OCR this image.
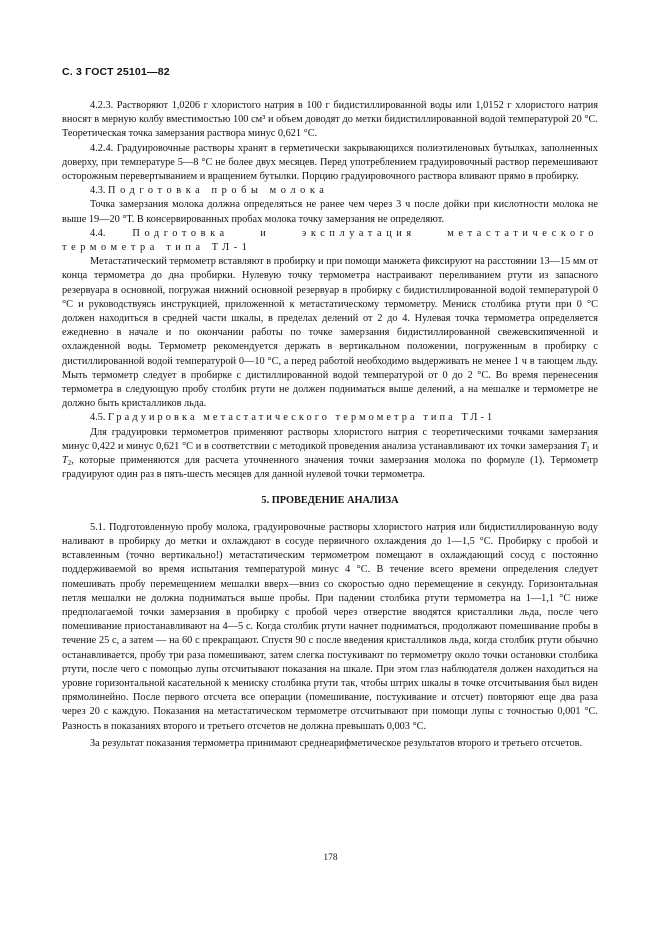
С. 3 ГОСТ 25101—82

4.2.3. Растворяют 1,0206 г хлористого натрия в 100 г бидистиллированной воды или 1,0152 г хлористого натрия вносят в мерную колбу вместимостью 100 см³ и объем доводят до метки бидистиллированной водой температурой 20 °С. Теоретическая точка замерзания раствора минус 0,621 °С.

4.2.4. Градуировочные растворы хранят в герметически закрывающихся полиэтиленовых бутылках, заполненных доверху, при температуре 5—8 °С не более двух месяцев. Перед употреблением градуировочный раствор перемешивают осторожным перевертыванием и вращением бутылки. Порцию градуировочного раствора вливают прямо в пробирку.

4.3. Подготовка пробы молока

Точка замерзания молока должна определяться не ранее чем через 3 ч после дойки при кислотности молока не выше 19—20 °Т. В консервированных пробах молока точку замерзания не определяют.

4.4.	Подготовка и эксплуатация метастатического термометра типа ТЛ-1

Метастатический термометр вставляют в пробирку и при помощи манжета фиксируют на расстоянии 13—15 мм от конца термометра до дна пробирки. Нулевую точку термометра настраивают переливанием ртути из запасного резервуара в основной, погружая нижний основной резервуар в пробирку с бидистиллированной водой температурой 0 °С и руководствуясь инструкцией, приложенной к метастатическому термометру. Мениск столбика ртути при 0 °С должен находиться в средней части шкалы, в пределах делений от 2 до 4. Нулевая точка термометра определяется ежедневно в начале и по окончании работы по точке замерзания бидистиллированной свежевскипяченной и охлажденной воды. Термометр рекомендуется держать в вертикальном положении, погруженным в пробирку с дистиллированной водой температурой 0—10 °С, а перед работой необходимо выдерживать не менее 1 ч в тающем льду. Мыть термометр следует в пробирке с дистиллированной водой температурой от 0 до 2 °С. Во время перенесения термометра в следующую пробу столбик ртути не должен подниматься выше делений, а на мешалке и термометре не должно быть кристалликов льда.

4.5. Градуировка метастатического термометра типа ТЛ-1

Для градуировки термометров применяют растворы хлористого натрия с теоретическими точками замерзания минус 0,422 и минус 0,621 °С и в соответствии с методикой проведения анализа устанавливают их точки замерзания $T_1$ и $T_2$, которые применяются для расчета уточненного значения точки замерзания молока по формуле (1). Термометр градуируют один раз в пять-шесть месяцев для данной нулевой точки термометра.

5. ПРОВЕДЕНИЕ АНАЛИЗА

5.1. Подготовленную пробу молока, градуировочные растворы хлористого натрия или бидистиллированную воду наливают в пробирку до метки и охлаждают в сосуде первичного охлаждения до 1—1,5 °С. Пробирку с пробой и вставленным (точно вертикально!) метастатическим термометром помещают в охлаждающий сосуд с постоянно поддерживаемой во время испытания температурой минус 4 °С. В течение всего времени определения следует помешивать пробу перемещением мешалки вверх—вниз со скоростью одно перемещение в секунду. Горизонтальная петля мешалки не должна подниматься выше пробы. При падении столбика ртути термометра на 1—1,1 °С ниже предполагаемой точки замерзания в пробирку с пробой через отверстие вводятся кристаллики льда, после чего помешивание приостанавливают на 4—5 с. Когда столбик ртути начнет подниматься, продолжают помешивание пробы в течение 25 с, а затем — на 60 с прекращают. Спустя 90 с после введения кристалликов льда, когда столбик ртути обычно останавливается, пробу три раза помешивают, затем слегка постукивают по термометру около точки остановки столбика ртути, после чего с помощью лупы отсчитывают показания на шкале. При этом глаз наблюдателя должен находиться на уровне горизонтальной касательной к мениску столбика ртути так, чтобы штрих шкалы в точке отсчитывания был виден прямолинейно. После первого отсчета все операции (помешивание, постукивание и отсчет) повторяют еще два раза через 20 с каждую. Показания на метастатическом термометре отсчитывают при помощи лупы с точностью 0,001 °С. Разность в показаниях второго и третьего отсчетов не должна превышать 0,003 °С.

За результат показания термометра принимают среднеарифметическое результатов второго и третьего отсчетов.

178
